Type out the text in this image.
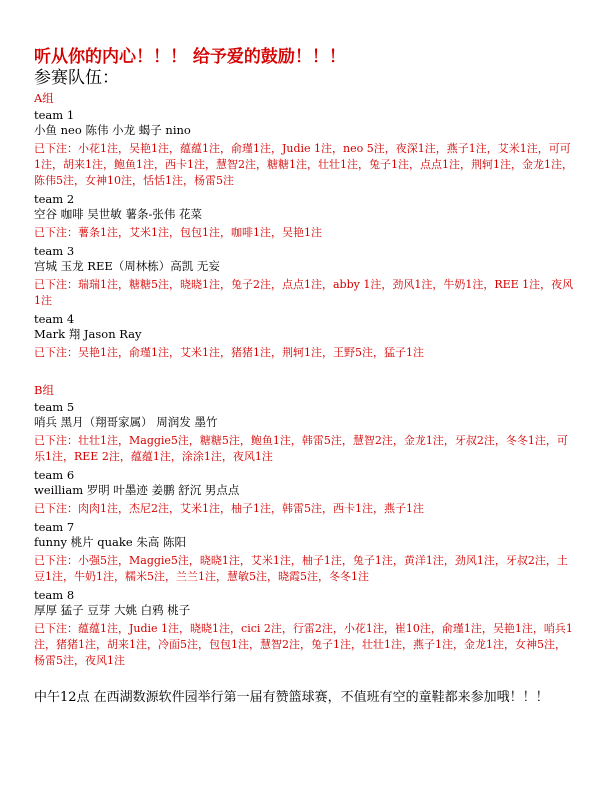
听从你的内心！！！ 给予爱的鼓励！！！

参赛队伍：

A组

team 1

小鱼 neo 陈伟 小龙 蝎子 nino

已下注：小花1注，吴艳1注，蕴蕴1注，俞瑾1注，Judie 1注，neo 5注，夜深1注，燕子1注，艾米1注，可可1注，胡来1注，鲍鱼1注，西卡1注，慧智2注，糖糖1注，壮壮1注，兔子1注，点点1注，荆轲1注，金龙1注，陈伟5注，女神10注，恬恬1注，杨雷5注

team 2

空谷 咖啡 吴世敏 薯条-张伟 花菜

已下注：薯条1注，艾米1注，包包1注，咖啡1注，吴艳1注

team 3

宫城 玉龙 REE（周林栋）高凯 无妄

已下注：瑞瑞1注，糖糖5注，晓晓1注，兔子2注，点点1注，abby 1注，劲风1注，牛奶1注，REE 1注，夜风1注

team 4

Mark 翔 Jason Ray

已下注：吴艳1注，俞瑾1注，艾米1注，猪猪1注，荆轲1注，王野5注，猛子1注

B组

team 5

哨兵 黑月（翔哥家属） 周润发 墨竹

已下注：壮壮1注，Maggie5注，糖糖5注，鲍鱼1注，韩雷5注，慧智2注，金龙1注，牙叔2注，冬冬1注，可乐1注，REE 2注，蕴蕴1注，涂涂1注，夜风1注

team 6

weilliam 罗明 叶墨迹 姜鹏 舒沉 男点点

已下注：肉肉1注，杰尼2注，艾米1注，柚子1注，韩雷5注，西卡1注，燕子1注

team 7

funny 桃片 quake 朱高 陈阳

已下注：小强5注，Maggie5注，晓晓1注，艾米1注，柚子1注，兔子1注，黄洋1注，劲风1注，牙叔2注，土豆1注，牛奶1注，糯米5注，兰兰1注，慧敏5注，晓霞5注，冬冬1注

team 8

厚厚 猛子 豆芽 大姚 白鸦 桃子

已下注：蕴蕴1注，Judie 1注，晓晓1注，cici 2注，行雷2注，小花1注，崔10注，俞瑾1注，吴艳1注，哨兵1注，猪猪1注，胡来1注，冷面5注，包包1注，慧智2注，兔子1注，壮壮1注，燕子1注，金龙1注，女神5注，杨雷5注，夜风1注

中午12点 在西湖数源软件园举行第一届有赞篮球赛，不值班有空的童鞋都来参加哦！！！
